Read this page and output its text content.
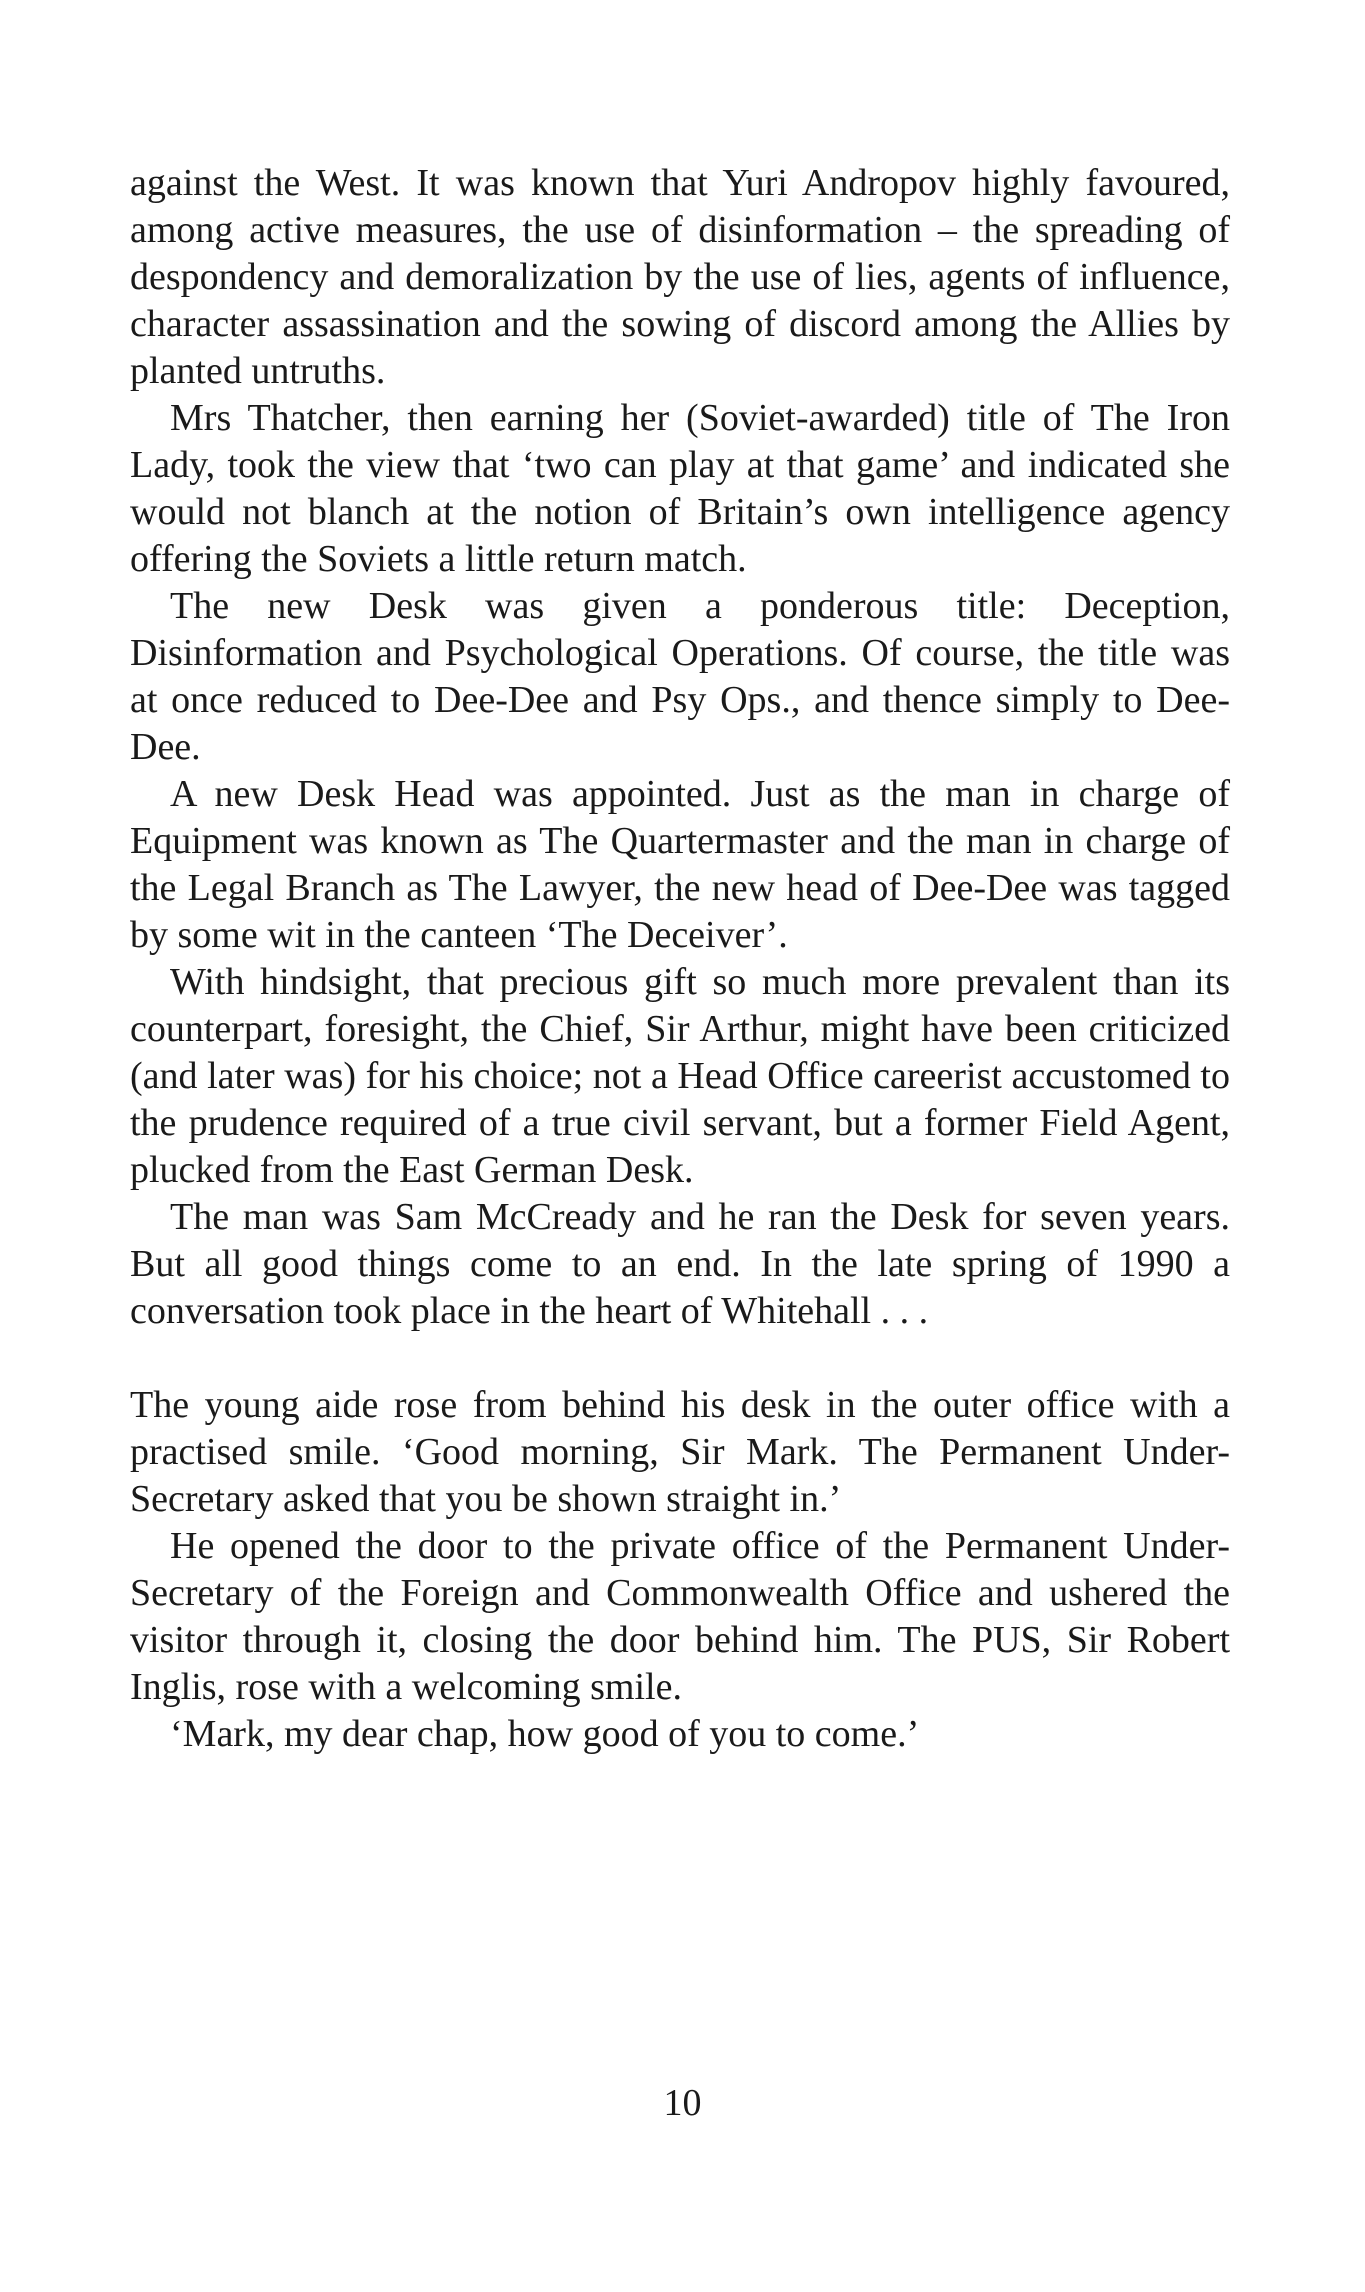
against the West. It was known that Yuri Andropov highly favoured, among active measures, the use of disinformation – the spreading of despondency and demoralization by the use of lies, agents of influence, character assassination and the sowing of discord among the Allies by planted untruths.

Mrs Thatcher, then earning her (Soviet-awarded) title of The Iron Lady, took the view that ‘two can play at that game’ and indicated she would not blanch at the notion of Britain’s own intelligence agency offering the Soviets a little return match.

The new Desk was given a ponderous title: Deception, Disinformation and Psychological Operations. Of course, the title was at once reduced to Dee-Dee and Psy Ops., and thence simply to Dee-Dee.

A new Desk Head was appointed. Just as the man in charge of Equipment was known as The Quartermaster and the man in charge of the Legal Branch as The Lawyer, the new head of Dee-Dee was tagged by some wit in the canteen ‘The Deceiver’.

With hindsight, that precious gift so much more prevalent than its counterpart, foresight, the Chief, Sir Arthur, might have been criticized (and later was) for his choice; not a Head Office careerist accustomed to the prudence required of a true civil servant, but a former Field Agent, plucked from the East German Desk.

The man was Sam McCready and he ran the Desk for seven years. But all good things come to an end. In the late spring of 1990 a conversation took place in the heart of Whitehall . . .

The young aide rose from behind his desk in the outer office with a practised smile. ‘Good morning, Sir Mark. The Permanent Under-Secretary asked that you be shown straight in.’

He opened the door to the private office of the Permanent Under-Secretary of the Foreign and Commonwealth Office and ushered the visitor through it, closing the door behind him. The PUS, Sir Robert Inglis, rose with a welcoming smile.

‘Mark, my dear chap, how good of you to come.’

10
